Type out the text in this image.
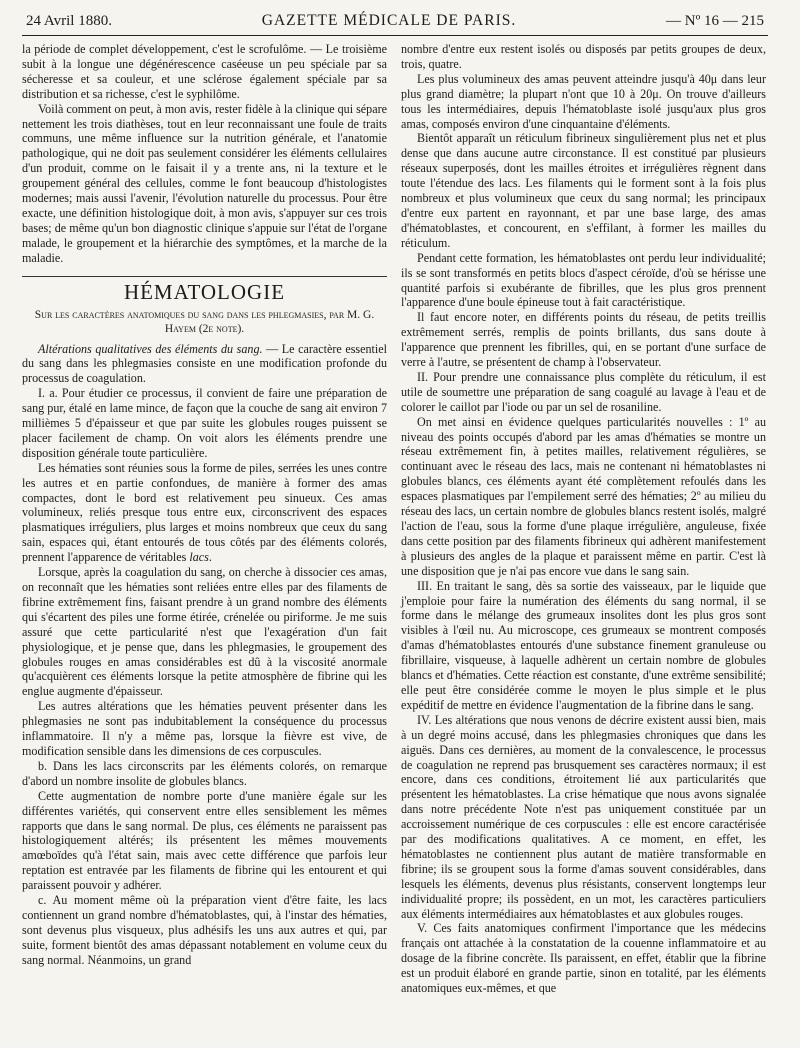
24 Avril 1880.	GAZETTE MÉDICALE DE PARIS.	— Nº 16 — 215

la période de complet développement, c'est le scrofulôme. — Le troisième subit à la longue une dégénérescence caséeuse un peu spéciale par sa sécheresse et sa couleur, et une sclérose également spéciale par sa distribution et sa richesse, c'est le syphilôme.

Voilà comment on peut, à mon avis, rester fidèle à la clinique qui sépare nettement les trois diathèses, tout en leur reconnaissant une foule de traits communs, une même influence sur la nutrition générale, et l'anatomie pathologique, qui ne doit pas seulement considérer les éléments cellulaires d'un produit, comme on le faisait il y a trente ans, ni la texture et le groupement général des cellules, comme le font beaucoup d'histologistes modernes; mais aussi l'avenir, l'évolution naturelle du processus. Pour être exacte, une définition histologique doit, à mon avis, s'appuyer sur ces trois bases; de même qu'un bon diagnostic clinique s'appuie sur l'état de l'organe malade, le groupement et la hiérarchie des symptômes, et la marche de la maladie.

HÉMATOLOGIE
Sur les caractères anatomiques du sang dans les phlegmasies, par M. G. Hayem (2e note).

Altérations qualitatives des éléments du sang. — Le caractère essentiel du sang dans les phlegmasies consiste en une modification profonde du processus de coagulation.

I. a. Pour étudier ce processus, il convient de faire une préparation de sang pur, étalé en lame mince, de façon que la couche de sang ait environ 7 millièmes 5 d'épaisseur et que par suite les globules rouges puissent se placer facilement de champ. On voit alors les éléments prendre une disposition générale toute particulière.

Les hématies sont réunies sous la forme de piles, serrées les unes contre les autres et en partie confondues, de manière à former des amas compactes, dont le bord est relativement peu sinueux. Ces amas volumineux, reliés presque tous entre eux, circonscrivent des espaces plasmatiques irréguliers, plus larges et moins nombreux que ceux du sang sain, espaces qui, étant entourés de tous côtés par des éléments colorés, prennent l'apparence de véritables lacs.

Lorsque, après la coagulation du sang, on cherche à dissocier ces amas, on reconnaît que les hématies sont reliées entre elles par des filaments de fibrine extrêmement fins, faisant prendre à un grand nombre des éléments qui s'écartent des piles une forme étirée, crénelée ou piriforme. Je me suis assuré que cette particularité n'est que l'exagération d'un fait physiologique, et je pense que, dans les phlegmasies, le groupement des globules rouges en amas considérables est dû à la viscosité anormale qu'acquièrent ces éléments lorsque la petite atmosphère de fibrine qui les englue augmente d'épaisseur.

Les autres altérations que les hématies peuvent présenter dans les phlegmasies ne sont pas indubitablement la conséquence du processus inflammatoire. Il n'y a même pas, lorsque la fièvre est vive, de modification sensible dans les dimensions de ces corpuscules.

b. Dans les lacs circonscrits par les éléments colorés, on remarque d'abord un nombre insolite de globules blancs.

Cette augmentation de nombre porte d'une manière égale sur les différentes variétés, qui conservent entre elles sensiblement les mêmes rapports que dans le sang normal. De plus, ces éléments ne paraissent pas histologiquement altérés; ils présentent les mêmes mouvements amœboïdes qu'à l'état sain, mais avec cette différence que parfois leur reptation est entravée par les filaments de fibrine qui les entourent et qui paraissent pouvoir y adhérer.

c. Au moment même où la préparation vient d'être faite, les lacs contiennent un grand nombre d'hématoblastes, qui, à l'instar des hématies, sont devenus plus visqueux, plus adhésifs les uns aux autres et qui, par suite, forment bientôt des amas dépassant notablement en volume ceux du sang normal. Néanmoins, un grand

nombre d'entre eux restent isolés ou disposés par petits groupes de deux, trois, quatre.

Les plus volumineux des amas peuvent atteindre jusqu'à 40μ dans leur plus grand diamètre; la plupart n'ont que 10 à 20μ. On trouve d'ailleurs tous les intermédiaires, depuis l'hématoblaste isolé jusqu'aux plus gros amas, composés environ d'une cinquantaine d'éléments.

Bientôt apparaît un réticulum fibrineux singulièrement plus net et plus dense que dans aucune autre circonstance. Il est constitué par plusieurs réseaux superposés, dont les mailles étroites et irrégulières règnent dans toute l'étendue des lacs. Les filaments qui le forment sont à la fois plus nombreux et plus volumineux que ceux du sang normal; les principaux d'entre eux partent en rayonnant, et par une base large, des amas d'hématoblastes, et concourent, en s'effilant, à former les mailles du réticulum.

Pendant cette formation, les hématoblastes ont perdu leur individualité; ils se sont transformés en petits blocs d'aspect céroïde, d'où se hérisse une quantité parfois si exubérante de fibrilles, que les plus gros prennent l'apparence d'une boule épineuse tout à fait caractéristique.

Il faut encore noter, en différents points du réseau, de petits treillis extrêmement serrés, remplis de points brillants, dus sans doute à l'apparence que prennent les fibrilles, qui, en se portant d'une surface de verre à l'autre, se présentent de champ à l'observateur.

II. Pour prendre une connaissance plus complète du réticulum, il est utile de soumettre une préparation de sang coagulé au lavage à l'eau et de colorer le caillot par l'iode ou par un sel de rosaniline.

On met ainsi en évidence quelques particularités nouvelles : 1º au niveau des points occupés d'abord par les amas d'hématies se montre un réseau extrêmement fin, à petites mailles, relativement régulières, se continuant avec le réseau des lacs, mais ne contenant ni hématoblastes ni globules blancs, ces éléments ayant été complètement refoulés dans les espaces plasmatiques par l'empilement serré des hématies; 2º au milieu du réseau des lacs, un certain nombre de globules blancs restent isolés, malgré l'action de l'eau, sous la forme d'une plaque irrégulière, anguleuse, fixée dans cette position par des filaments fibrineux qui adhèrent manifestement à plusieurs des angles de la plaque et paraissent même en partir. C'est là une disposition que je n'ai pas encore vue dans le sang sain.

III. En traitant le sang, dès sa sortie des vaisseaux, par le liquide que j'emploie pour faire la numération des éléments du sang normal, il se forme dans le mélange des grumeaux insolites dont les plus gros sont visibles à l'œil nu. Au microscope, ces grumeaux se montrent composés d'amas d'hématoblastes entourés d'une substance finement granuleuse ou fibrillaire, visqueuse, à laquelle adhèrent un certain nombre de globules blancs et d'hématies. Cette réaction est constante, d'une extrême sensibilité; elle peut être considérée comme le moyen le plus simple et le plus expéditif de mettre en évidence l'augmentation de la fibrine dans le sang.

IV. Les altérations que nous venons de décrire existent aussi bien, mais à un degré moins accusé, dans les phlegmasies chroniques que dans les aiguës. Dans ces dernières, au moment de la convalescence, le processus de coagulation ne reprend pas brusquement ses caractères normaux; il est encore, dans ces conditions, étroitement lié aux particularités que présentent les hématoblastes. La crise hématique que nous avons signalée dans notre précédente Note n'est pas uniquement constituée par un accroissement numérique de ces corpuscules : elle est encore caractérisée par des modifications qualitatives. A ce moment, en effet, les hématoblastes ne contiennent plus autant de matière transformable en fibrine; ils se groupent sous la forme d'amas souvent considérables, dans lesquels les éléments, devenus plus résistants, conservent longtemps leur individualité propre; ils possèdent, en un mot, les caractères particuliers aux éléments intermédiaires aux hématoblastes et aux globules rouges.

V. Ces faits anatomiques confirment l'importance que les médecins français ont attachée à la constatation de la couenne inflammatoire et au dosage de la fibrine concrète. Ils paraissent, en effet, établir que la fibrine est un produit élaboré en grande partie, sinon en totalité, par les éléments anatomiques eux-mêmes, et que
